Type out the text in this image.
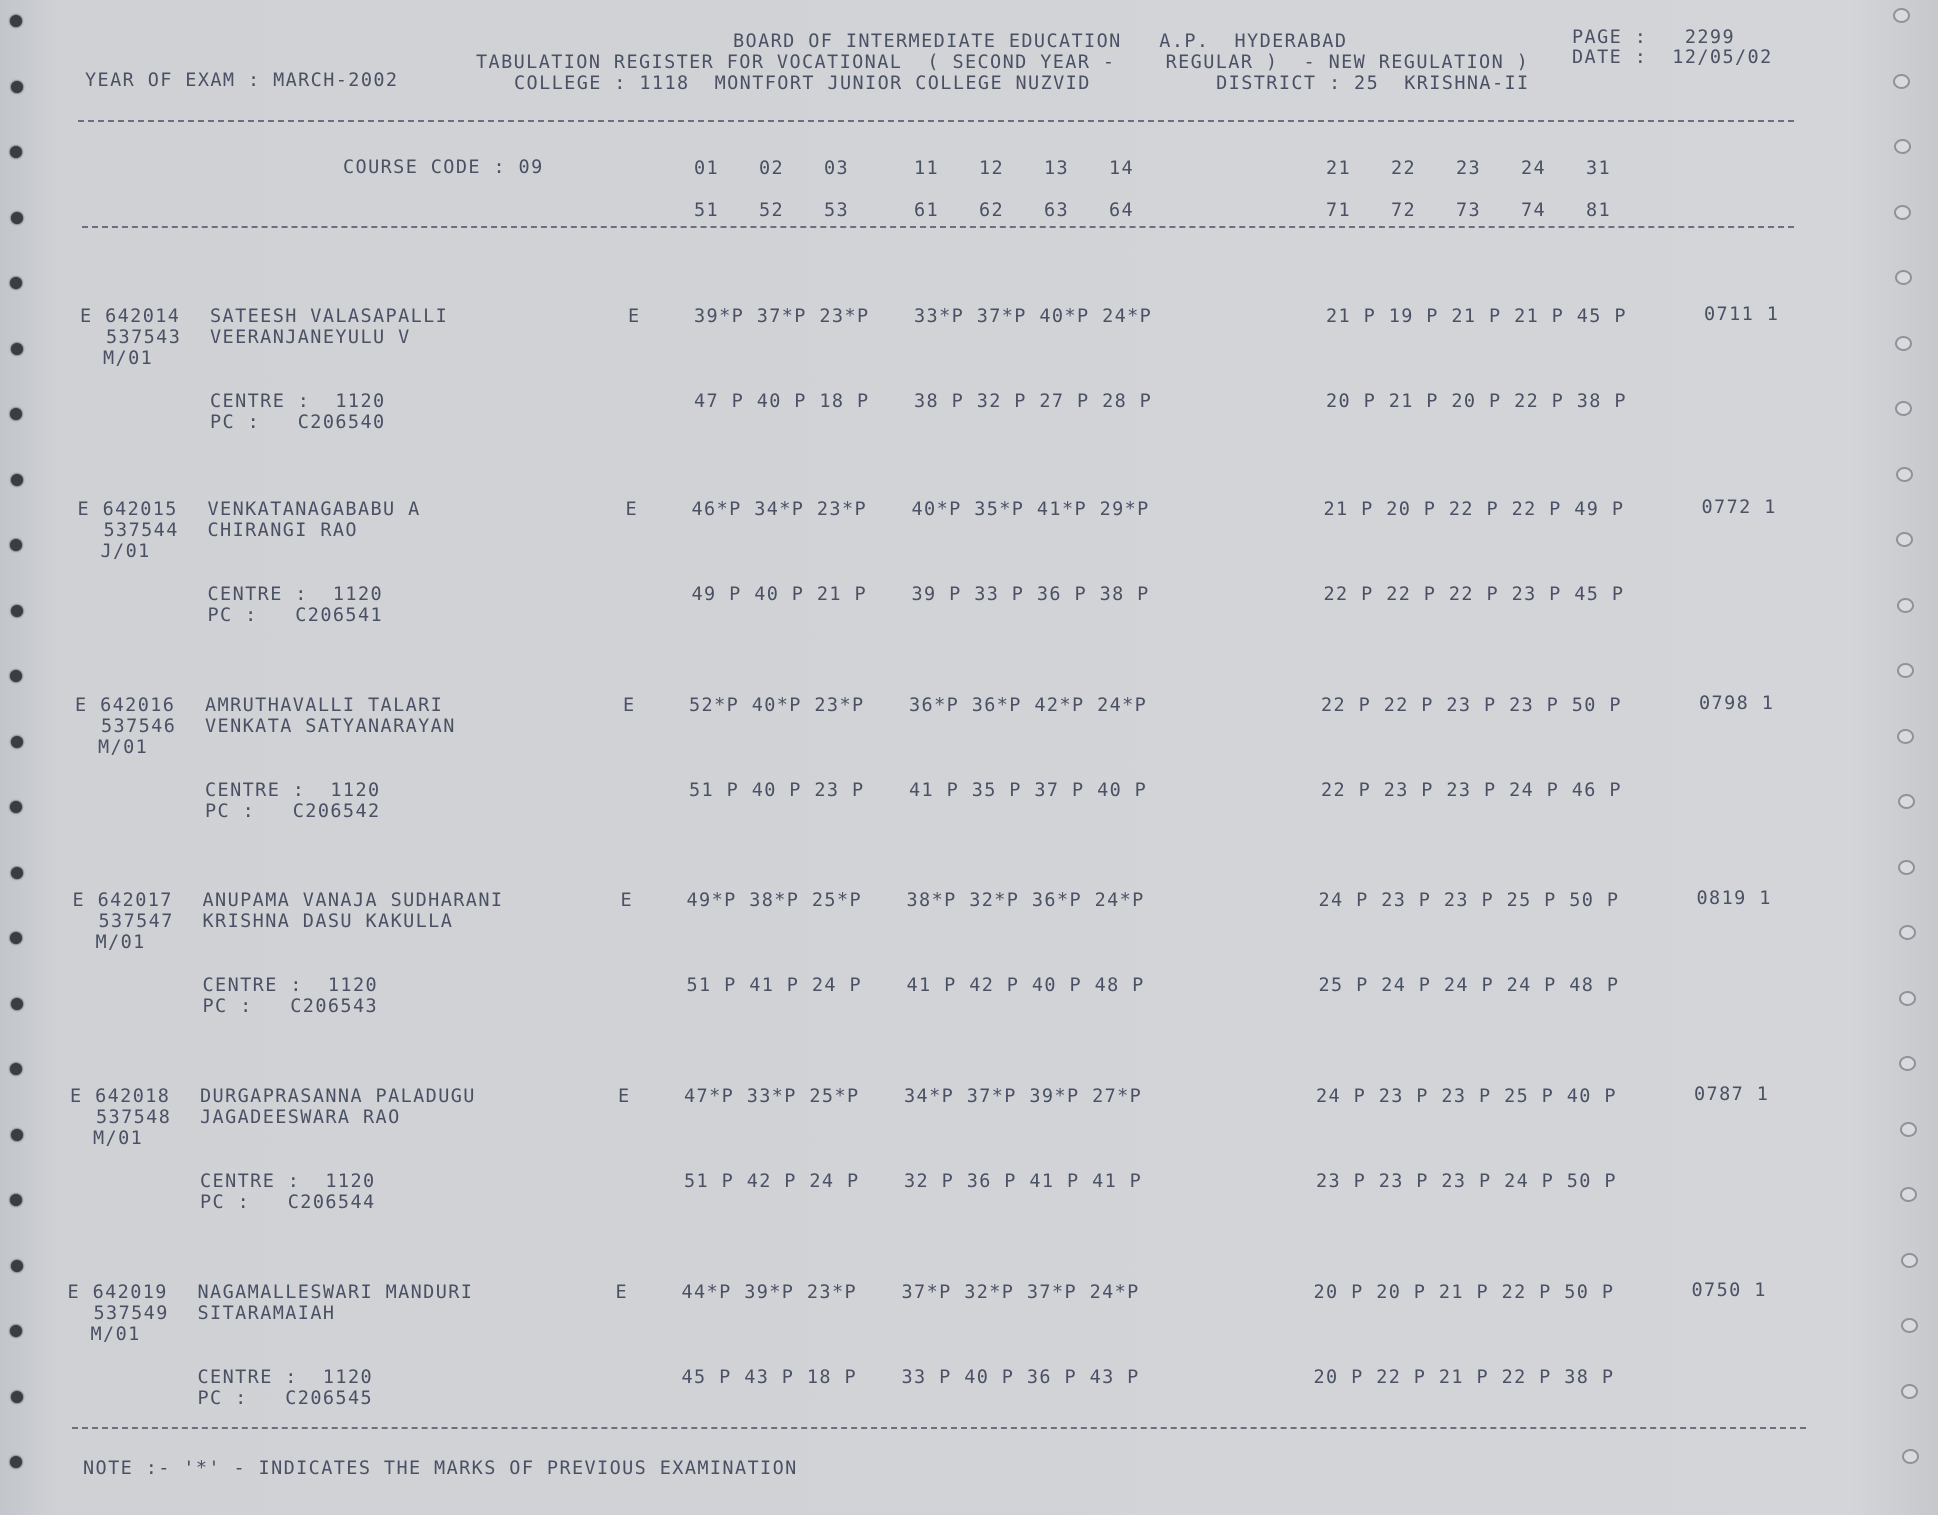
BOARD OF INTERMEDIATE EDUCATION   A.P.  HYDERABAD	PAGE :   2299
TABULATION REGISTER FOR VOCATIONAL  ( SECOND YEAR -    REGULAR )  - NEW REGULATION ) DATE :  12/05/02
YEAR OF EXAM : MARCH-2002	COLLEGE : 1118  MONTFORT JUNIOR COLLEGE NUZVID          DISTRICT : 25  KRISHNA-II
COURSE CODE : 09	01 02 03	11 12 13 14	21 22 23 24 31
51 52 53	61 62 63 64	71 72 73 74 81
E 642014 SATEESH VALASAPALLI	E	39*P 37*P 23*P 33*P 37*P 40*P 24*P	21 P 19 P 21 P 21 P 45 P	0711 1
537543 VEERANJANEYULU V
M/01
CENTRE :  1120	47 P 40 P 18 P 38 P 32 P 27 P 28 P	20 P 21 P 20 P 22 P 38 P
PC :   C206540
E 642015 VENKATANAGABABU A	E	46*P 34*P 23*P 40*P 35*P 41*P 29*P	21 P 20 P 22 P 22 P 49 P	0772 1
537544 CHIRANGI RAO
J/01
CENTRE :  1120	49 P 40 P 21 P 39 P 33 P 36 P 38 P	22 P 22 P 22 P 23 P 45 P
PC :   C206541
E 642016 AMRUTHAVALLI TALARI	E	52*P 40*P 23*P 36*P 36*P 42*P 24*P	22 P 22 P 23 P 23 P 50 P	0798 1
537546 VENKATA SATYANARAYAN
M/01
CENTRE :  1120	51 P 40 P 23 P 41 P 35 P 37 P 40 P	22 P 23 P 23 P 24 P 46 P
PC :   C206542
E 642017 ANUPAMA VANAJA SUDHARANI	E	49*P 38*P 25*P 38*P 32*P 36*P 24*P	24 P 23 P 23 P 25 P 50 P	0819 1
537547 KRISHNA DASU KAKULLA
M/01
CENTRE :  1120	51 P 41 P 24 P 41 P 42 P 40 P 48 P	25 P 24 P 24 P 24 P 48 P
PC :   C206543
E 642018 DURGAPRASANNA PALADUGU	E	47*P 33*P 25*P 34*P 37*P 39*P 27*P	24 P 23 P 23 P 25 P 40 P	0787 1
537548 JAGADEESWARA RAO
M/01
CENTRE :  1120	51 P 42 P 24 P 32 P 36 P 41 P 41 P	23 P 23 P 23 P 24 P 50 P
PC :   C206544
E 642019 NAGAMALLESWARI MANDURI	E	44*P 39*P 23*P 37*P 32*P 37*P 24*P	20 P 20 P 21 P 22 P 50 P	0750 1
537549 SITARAMAIAH
M/01
CENTRE :  1120	45 P 43 P 18 P 33 P 40 P 36 P 43 P	20 P 22 P 21 P 22 P 38 P
PC :   C206545
NOTE :- '*' - INDICATES THE MARKS OF PREVIOUS EXAMINATION
